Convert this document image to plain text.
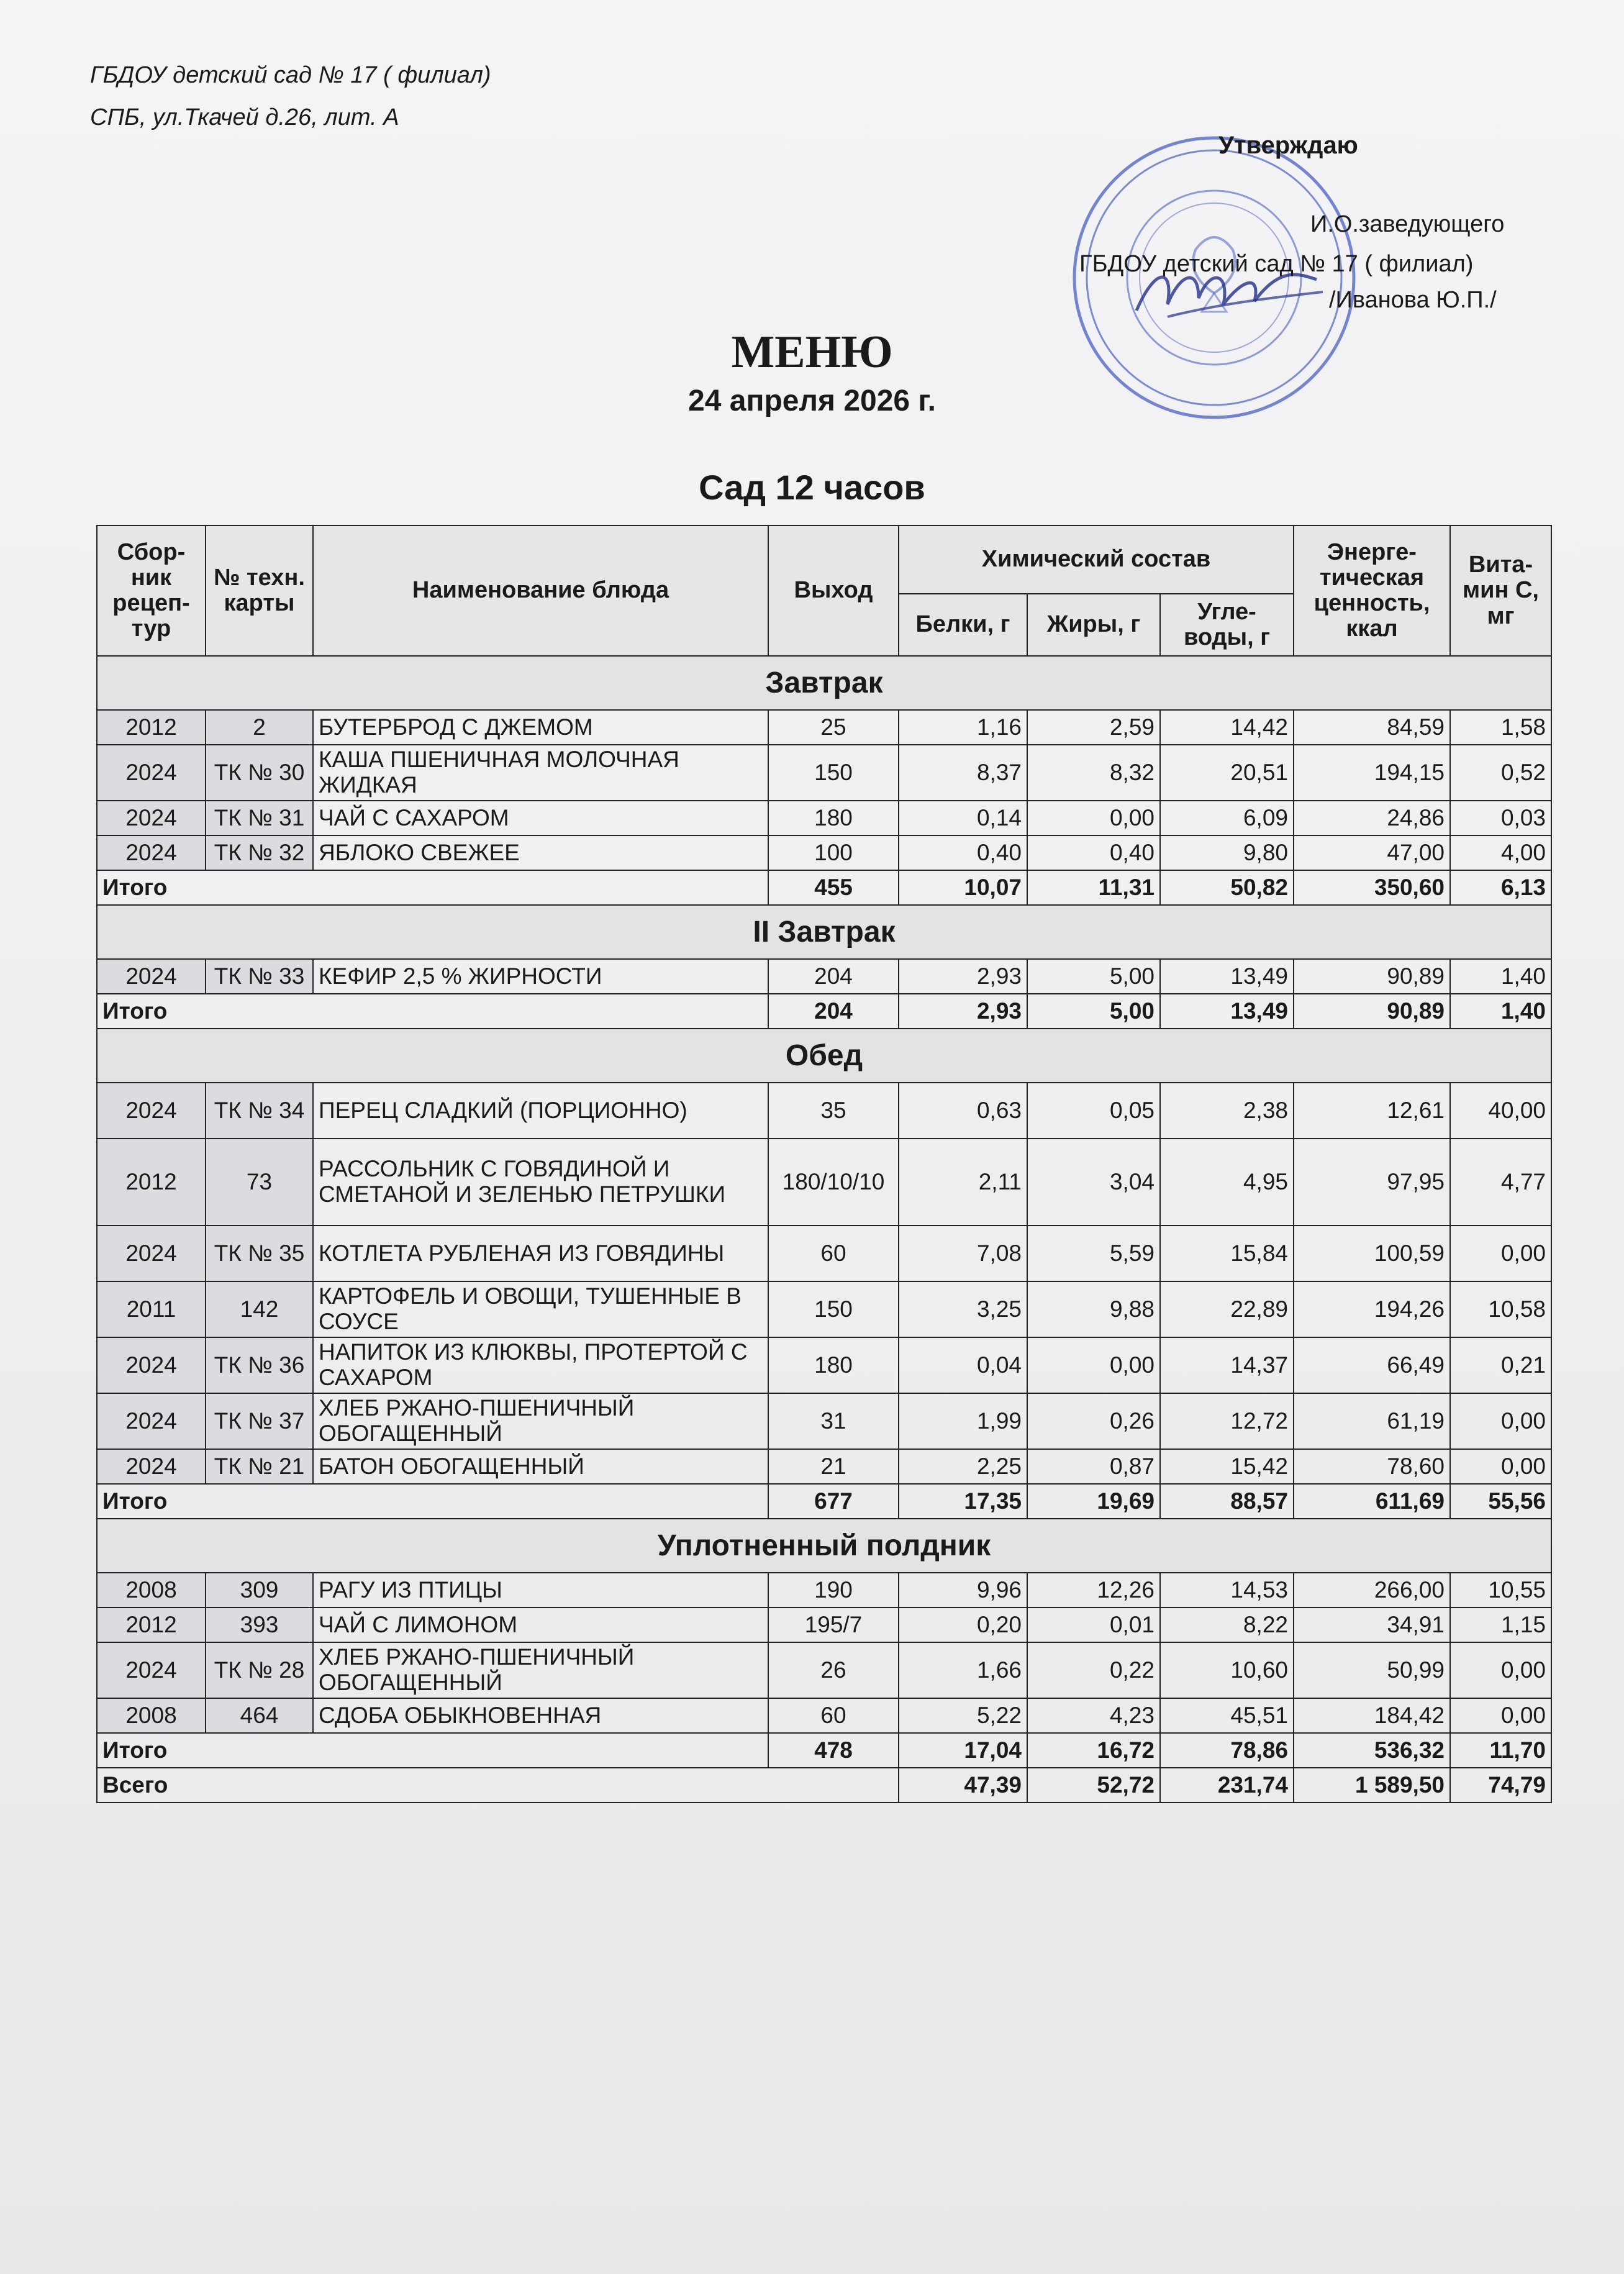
ГБДОУ детский сад № 17 ( филиал)
СПБ, ул.Ткачей д.26, лит. А
Утверждаю
И.О.заведующего
ГБДОУ детский сад № 17 ( филиал)
/Иванова Ю.П./
МЕНЮ
24 апреля 2026 г.
Сад 12 часов
Сбор-ник рецеп-тур	№ техн. карты	Наименование блюда	Выход	Химический состав			Энерге-тическая ценность, ккал	Вита-мин С, мг
				Белки, г	Жиры, г	Угле-воды, г		
Завтрак								
2012	2	БУТЕРБРОД С ДЖЕМОМ	25	1,16	2,59	14,42	84,59	1,58
2024	ТК № 30	КАША ПШЕНИЧНАЯ МОЛОЧНАЯ ЖИДКАЯ	150	8,37	8,32	20,51	194,15	0,52
2024	ТК № 31	ЧАЙ С САХАРОМ	180	0,14	0,00	6,09	24,86	0,03
2024	ТК № 32	ЯБЛОКО СВЕЖЕЕ	100	0,40	0,40	9,80	47,00	4,00
Итого			455	10,07	11,31	50,82	350,60	6,13
II Завтрак								
2024	ТК № 33	КЕФИР 2,5 % ЖИРНОСТИ	204	2,93	5,00	13,49	90,89	1,40
Итого			204	2,93	5,00	13,49	90,89	1,40
Обед								
2024	ТК № 34	ПЕРЕЦ СЛАДКИЙ (ПОРЦИОННО)	35	0,63	0,05	2,38	12,61	40,00
2012	73	РАССОЛЬНИК С ГОВЯДИНОЙ И СМЕТАНОЙ И ЗЕЛЕНЬЮ ПЕТРУШКИ	180/10/10	2,11	3,04	4,95	97,95	4,77
2024	ТК № 35	КОТЛЕТА РУБЛЕНАЯ ИЗ ГОВЯДИНЫ	60	7,08	5,59	15,84	100,59	0,00
2011	142	КАРТОФЕЛЬ И ОВОЩИ, ТУШЕННЫЕ В СОУСЕ	150	3,25	9,88	22,89	194,26	10,58
2024	ТК № 36	НАПИТОК ИЗ КЛЮКВЫ, ПРОТЕРТОЙ С САХАРОМ	180	0,04	0,00	14,37	66,49	0,21
2024	ТК № 37	ХЛЕБ РЖАНО-ПШЕНИЧНЫЙ ОБОГАЩЕННЫЙ	31	1,99	0,26	12,72	61,19	0,00
2024	ТК № 21	БАТОН ОБОГАЩЕННЫЙ	21	2,25	0,87	15,42	78,60	0,00
Итого			677	17,35	19,69	88,57	611,69	55,56
Уплотненный полдник								
2008	309	РАГУ ИЗ ПТИЦЫ	190	9,96	12,26	14,53	266,00	10,55
2012	393	ЧАЙ С ЛИМОНОМ	195/7	0,20	0,01	8,22	34,91	1,15
2024	ТК № 28	ХЛЕБ РЖАНО-ПШЕНИЧНЫЙ ОБОГАЩЕННЫЙ	26	1,66	0,22	10,60	50,99	0,00
2008	464	СДОБА ОБЫКНОВЕННАЯ	60	5,22	4,23	45,51	184,42	0,00
Итого			478	17,04	16,72	78,86	536,32	11,70
Всего				47,39	52,72	231,74	1 589,50	74,79
